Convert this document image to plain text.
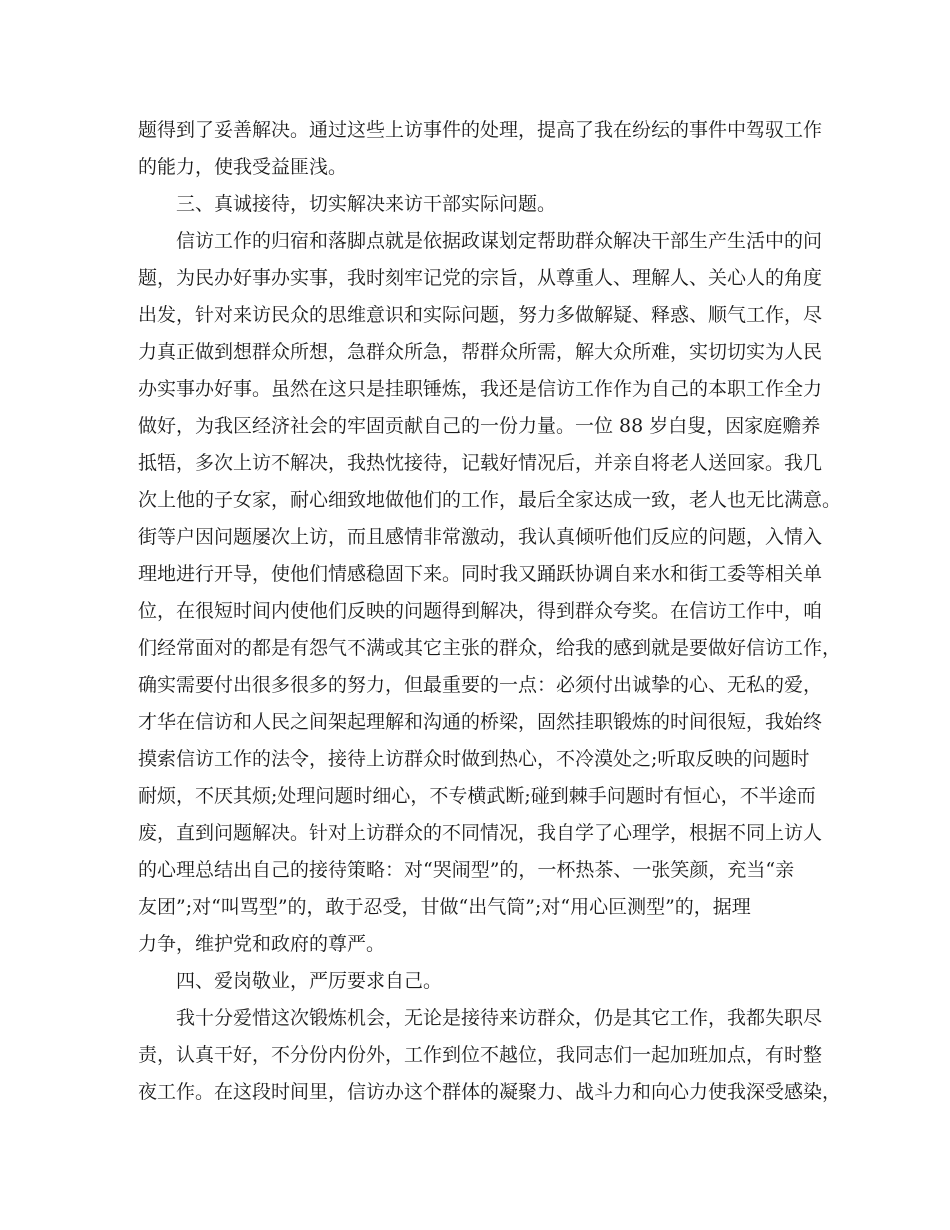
题得到了妥善解决。通过这些上访事件的处理，提高了我在纷纭的事件中驾驭工作
的能力，使我受益匪浅。
三、真诚接待，切实解决来访干部实际问题。
信访工作的归宿和落脚点就是依据政谋划定帮助群众解决干部生产生活中的问
题，为民办好事办实事，我时刻牢记党的宗旨，从尊重人、理解人、关心人的角度
出发，针对来访民众的思维意识和实际问题，努力多做解疑、释惑、顺气工作，尽
力真正做到想群众所想，急群众所急，帮群众所需，解大众所难，实切切实为人民
办实事办好事。虽然在这只是挂职锤炼，我还是信访工作作为自己的本职工作全力
做好，为我区经济社会的牢固贡献自己的一份力量。一位 88 岁白叟，因家庭赡养
抵牾，多次上访不解决，我热忱接待，记载好情况后，并亲自将老人送回家。我几
次上他的子女家，耐心细致地做他们的工作，最后全家达成一致，老人也无比满意。
街等户因问题屡次上访，而且感情非常激动，我认真倾听他们反应的问题，入情入
理地进行开导，使他们情感稳固下来。同时我又踊跃协调自来水和街工委等相关单
位，在很短时间内使他们反映的问题得到解决，得到群众夸奖。在信访工作中，咱
们经常面对的都是有怨气不满或其它主张的群众，给我的感到就是要做好信访工作，
确实需要付出很多很多的努力，但最重要的一点：必须付出诚挚的心、无私的爱，
才华在信访和人民之间架起理解和沟通的桥梁，固然挂职锻炼的时间很短，我始终
摸索信访工作的法令，接待上访群众时做到热心，不冷漠处之;听取反映的问题时
耐烦，不厌其烦;处理问题时细心，不专横武断;碰到棘手问题时有恒心，不半途而
废，直到问题解决。针对上访群众的不同情况，我自学了心理学，根据不同上访人
的心理总结出自己的接待策略：对“哭闹型”的，一杯热茶、一张笑颜，充当“亲
友团”;对“叫骂型”的，敢于忍受，甘做“出气筒”;对“用心叵测型”的，据理
力争，维护党和政府的尊严。
四、爱岗敬业，严厉要求自己。
我十分爱惜这次锻炼机会，无论是接待来访群众，仍是其它工作，我都失职尽
责，认真干好，不分份内份外，工作到位不越位，我同志们一起加班加点，有时整
夜工作。在这段时间里，信访办这个群体的凝聚力、战斗力和向心力使我深受感染，
